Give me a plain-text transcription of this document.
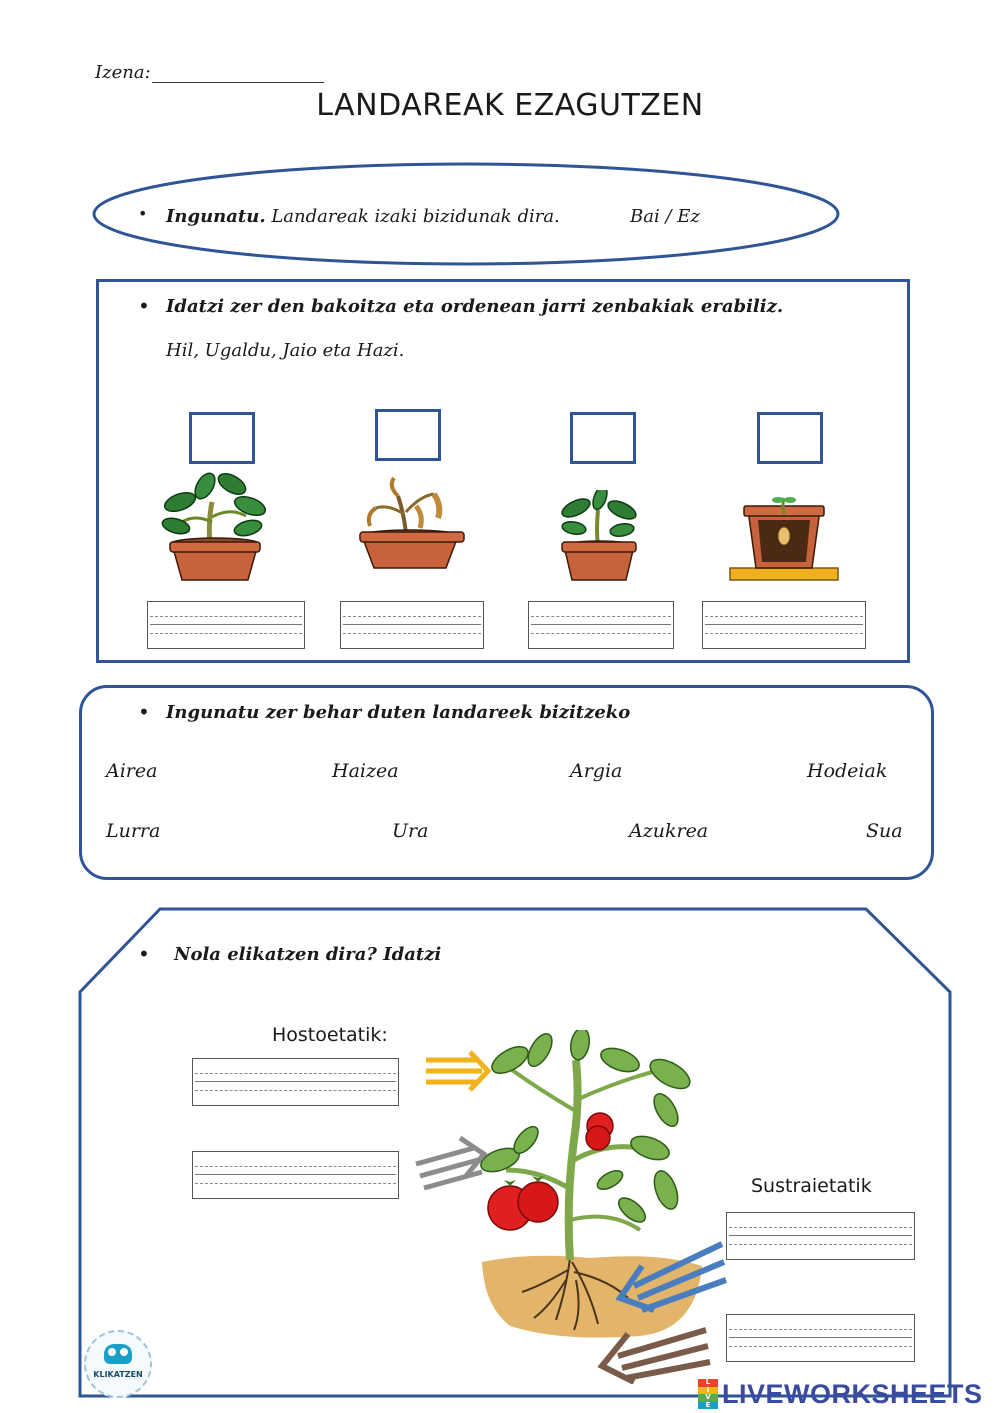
Izena:
LANDAREAK EZAGUTZEN
• Ingunatu. Landareak izaki bizidunak dira.	Bai / Ez
• Idatzi zer den bakoitza eta ordenean jarri zenbakiak erabiliz.
Hil, Ugaldu, Jaio eta Hazi.
• Ingunatu zer behar duten landareek bizitzeko
Airea	Haizea	Argia	Hodeiak
Lurra	Ura	Azukrea	Sua
• Nola elikatzen dira? Idatzi
Hostoetatik:
Sustraietatik
KLIKATZEN
L
I
V
E LIVEWORKSHEETS
